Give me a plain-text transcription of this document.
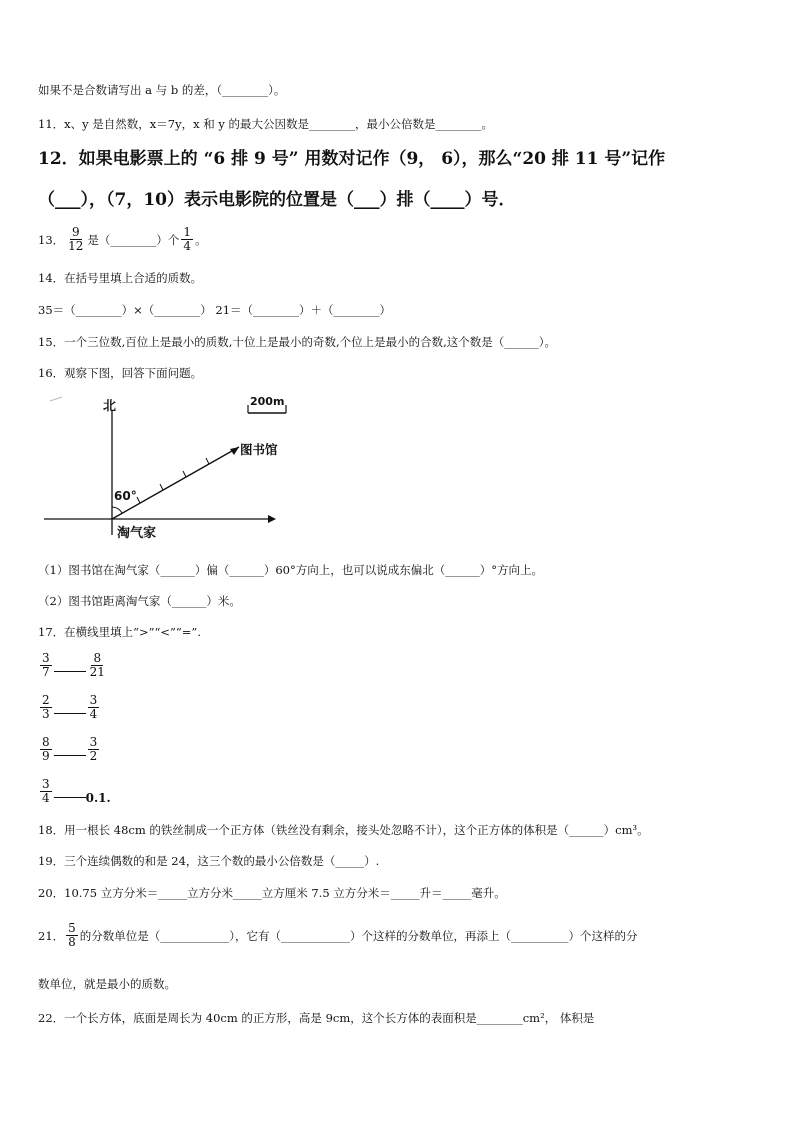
如果不是合数请写出 a 与 b 的差，（________）。
11．x、y 是自然数，x＝7y，x 和 y 的最大公因数是________，最小公倍数是________。
12．如果电影票上的 “6 排 9 号” 用数对记作（9， 6），那么“20 排 11 号”记作
（___），（7，10）表示电影院的位置是（___）排（____）号．
13． $\frac{9}{12}$ 是（________）个 $\frac{1}{4}$ 。
14．在括号里填上合适的质数。
35＝（________）×（________） 21＝（________）＋（________）
15．一个三位数,百位上是最小的质数,十位上是最小的奇数,个位上是最小的合数,这个数是（______）。
16．观察下图，回答下面问题。
北	200m
图书馆
60°
淘气家
（1）图书馆在淘气家（______）偏（______）60°方向上，也可以说成东偏北（______）°方向上。
（2）图书馆距离淘气家（______）米。
17．在横线里填上“>”“<”“=”.
$\frac{3}{7}$	$\frac{8}{21}$
$\frac{2}{3}$	$\frac{3}{4}$
$\frac{8}{9}$	$\frac{3}{2}$
$\frac{3}{4}$	0.1.
18．用一根长 48cm 的铁丝制成一个正方体（铁丝没有剩余，接头处忽略不计），这个正方体的体积是（______）cm³。
19．三个连续偶数的和是 24，这三个数的最小公倍数是（_____）.
20．10.75 立方分米＝_____立方分米_____立方厘米 7.5 立方分米＝_____升＝_____毫升。
21． $\frac{5}{8}$ 的分数单位是（____________），它有（____________）个这样的分数单位，再添上（__________）个这样的分
数单位，就是最小的质数。
22．一个长方体，底面是周长为 40cm 的正方形，高是 9cm，这个长方体的表面积是________cm²， 体积是
